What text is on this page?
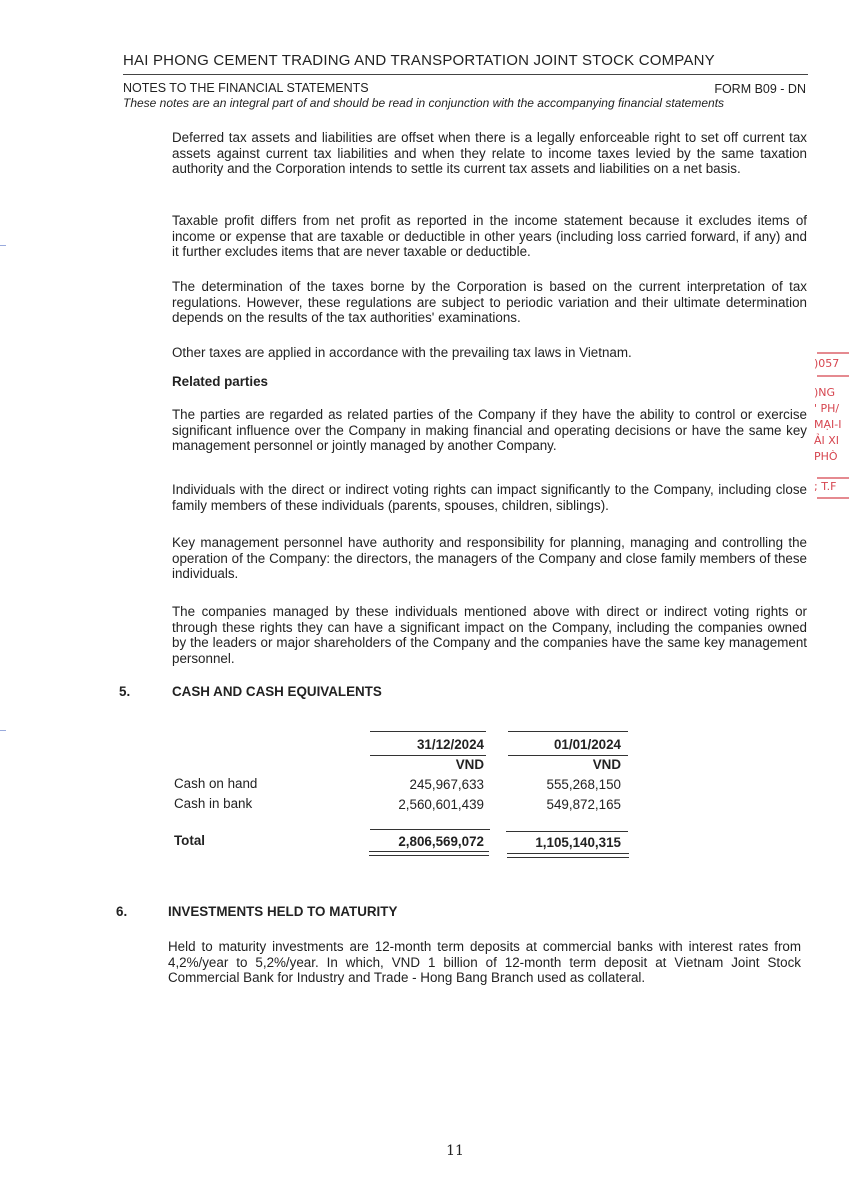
HAI PHONG CEMENT TRADING AND TRANSPORTATION JOINT STOCK COMPANY
NOTES TO THE FINANCIAL STATEMENTS	FORM B09 - DN
These notes are an integral part of and should be read in conjunction with the accompanying financial statements
Deferred tax assets and liabilities are offset when there is a legally enforceable right to set off current tax assets against current tax liabilities and when they relate to income taxes levied by the same taxation authority and the Corporation intends to settle its current tax assets and liabilities on a net basis.
Taxable profit differs from net profit as reported in the income statement because it excludes items of income or expense that are taxable or deductible in other years (including loss carried forward, if any) and it further excludes items that are never taxable or deductible.
The determination of the taxes borne by the Corporation is based on the current interpretation of tax regulations. However, these regulations are subject to periodic variation and their ultimate determination depends on the results of the tax authorities' examinations.
Other taxes are applied in accordance with the prevailing tax laws in Vietnam.
Related parties
The parties are regarded as related parties of the Company if they have the ability to control or exercise significant influence over the Company in making financial and operating decisions or have the same key management personnel or jointly managed by another Company.
Individuals with the direct or indirect voting rights can impact significantly to the Company, including close family members of these individuals (parents, spouses, children, siblings).
Key management personnel have authority and responsibility for planning, managing and controlling the operation of the Company: the directors, the managers of the Company and close family members of these individuals.
The companies managed by these individuals mentioned above with direct or indirect voting rights or through these rights they can have a significant impact on the Company, including the companies owned by the leaders or major shareholders of the Company and the companies have the same key management personnel.
5.	CASH AND CASH EQUIVALENTS
31/12/2024	01/01/2024
VND	VND
Cash on hand	245,967,633	555,268,150
Cash in bank	2,560,601,439	549,872,165
Total	2,806,569,072	1,105,140,315
6.	INVESTMENTS HELD TO MATURITY
Held to maturity investments are 12-month term deposits at commercial banks with interest rates from 4,2%/year to 5,2%/year. In which, VND 1 billion of 12-month term deposit at Vietnam Joint Stock Commercial Bank for Industry and Trade - Hong Bang Branch used as collateral.
11
)057
)NG
' PH/
MẠI-I
ẢI XI
PHÒ
; T.F
